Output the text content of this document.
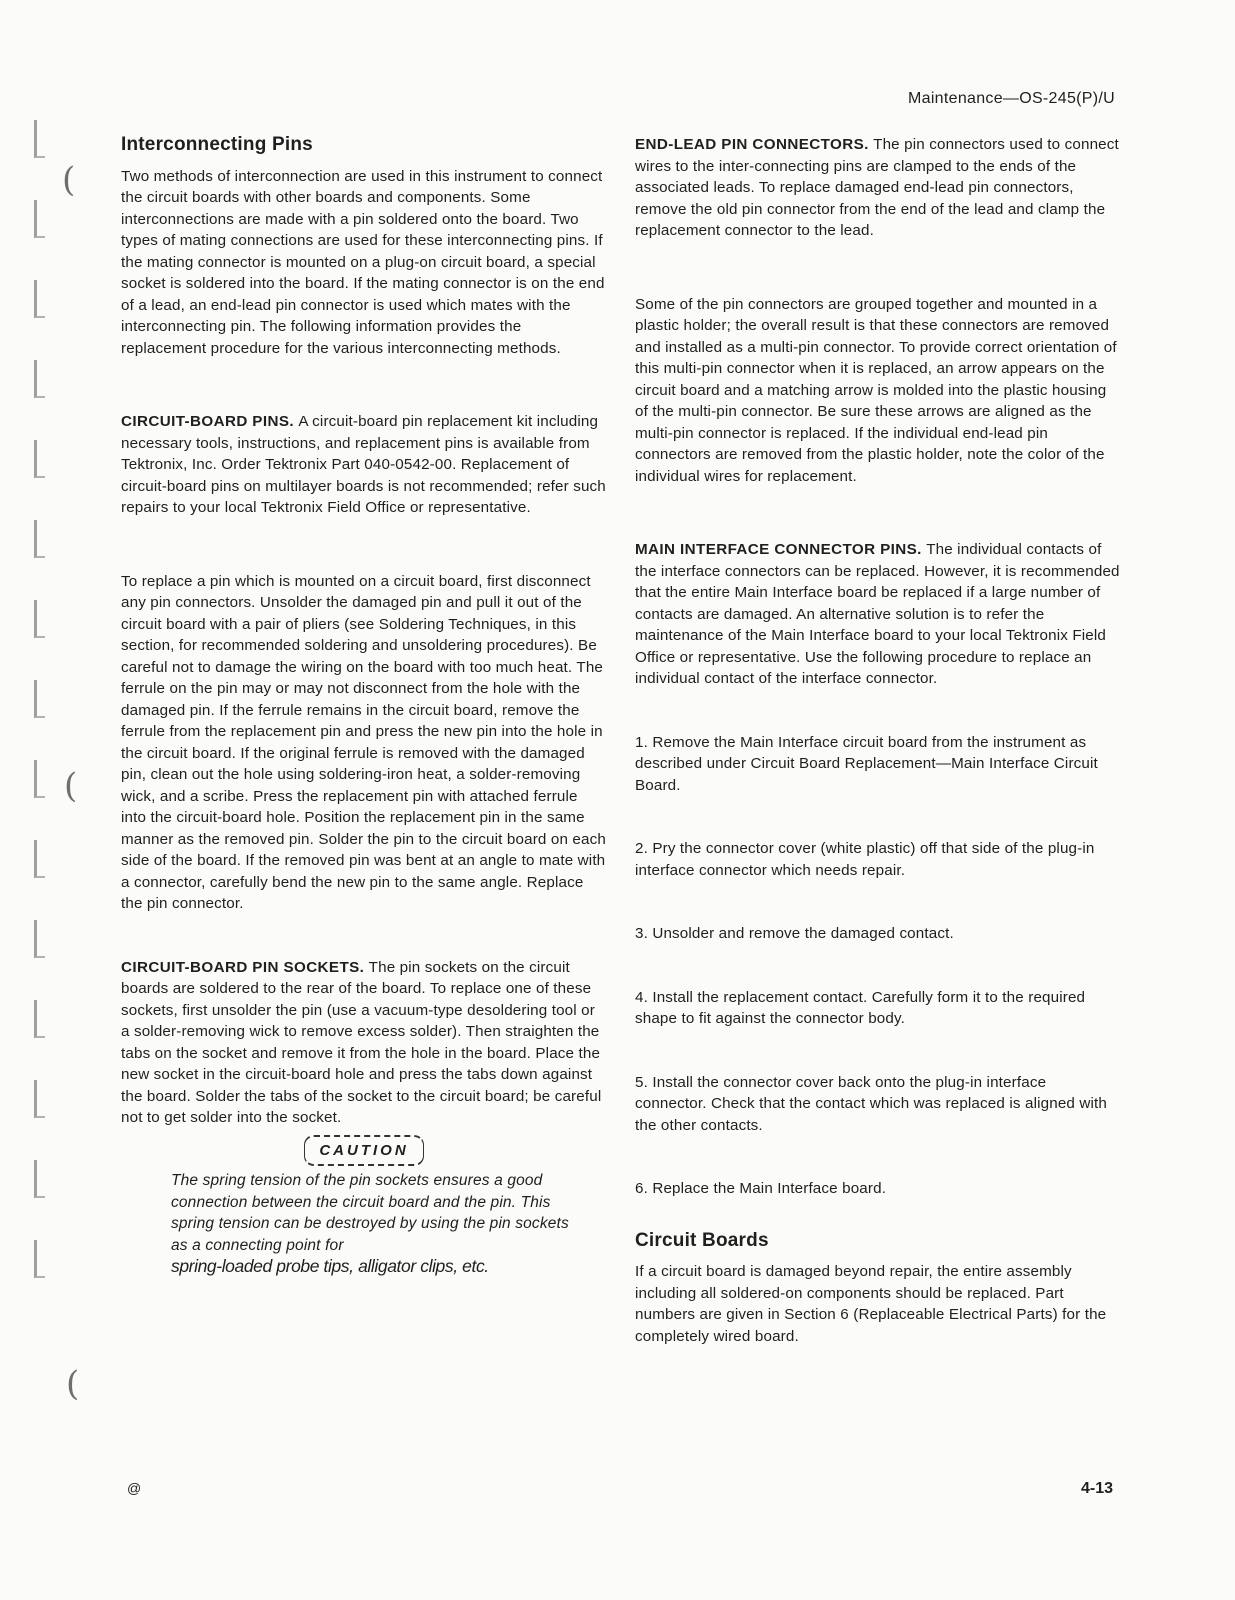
(
(
(
Maintenance—OS-245(P)/U
Interconnecting Pins

Two methods of interconnection are used in this instrument to connect the circuit boards with other boards and components. Some interconnections are made with a pin soldered onto the board. Two types of mating connections are used for these interconnecting pins. If the mating connector is mounted on a plug-on circuit board, a special socket is soldered into the board. If the mating connector is on the end of a lead, an end-lead pin connector is used which mates with the interconnecting pin. The following information provides the replacement procedure for the various interconnecting methods.

CIRCUIT-BOARD PINS. A circuit-board pin replacement kit including necessary tools, instructions, and replacement pins is available from Tektronix, Inc. Order Tektronix Part 040-0542-00. Replacement of circuit-board pins on multilayer boards is not recommended; refer such repairs to your local Tektronix Field Office or representative.

To replace a pin which is mounted on a circuit board, first disconnect any pin connectors. Unsolder the damaged pin and pull it out of the circuit board with a pair of pliers (see Soldering Techniques, in this section, for recommended soldering and unsoldering procedures). Be careful not to damage the wiring on the board with too much heat. The ferrule on the pin may or may not disconnect from the hole with the damaged pin. If the ferrule remains in the circuit board, remove the ferrule from the replacement pin and press the new pin into the hole in the circuit board. If the original ferrule is removed with the damaged pin, clean out the hole using soldering-iron heat, a solder-removing wick, and a scribe. Press the replacement pin with attached ferrule into the circuit-board hole. Position the replacement pin in the same manner as the removed pin. Solder the pin to the circuit board on each side of the board. If the removed pin was bent at an angle to mate with a connector, carefully bend the new pin to the same angle. Replace the pin connector.

CIRCUIT-BOARD PIN SOCKETS. The pin sockets on the circuit boards are soldered to the rear of the board. To replace one of these sockets, first unsolder the pin (use a vacuum-type desoldering tool or a solder-removing wick to remove excess solder). Then straighten the tabs on the socket and remove it from the hole in the board. Place the new socket in the circuit-board hole and press the tabs down against the board. Solder the tabs of the socket to the circuit board; be careful not to get solder into the socket.

CAUTION

The spring tension of the pin sockets ensures a good connection between the circuit board and the pin. This spring tension can be destroyed by using the pin sockets as a connecting point for
spring-loaded probe tips, alligator clips, etc.

END-LEAD PIN CONNECTORS. The pin connectors used to connect wires to the inter-connecting pins are clamped to the ends of the associated leads. To replace damaged end-lead pin connectors, remove the old pin connector from the end of the lead and clamp the replacement connector to the lead.

Some of the pin connectors are grouped together and mounted in a plastic holder; the overall result is that these connectors are removed and installed as a multi-pin connector. To provide correct orientation of this multi-pin connector when it is replaced, an arrow appears on the circuit board and a matching arrow is molded into the plastic housing of the multi-pin connector. Be sure these arrows are aligned as the multi-pin connector is replaced. If the individual end-lead pin connectors are removed from the plastic holder, note the color of the individual wires for replacement.

MAIN INTERFACE CONNECTOR PINS. The individual contacts of the interface connectors can be replaced. However, it is recommended that the entire Main Interface board be replaced if a large number of contacts are damaged. An alternative solution is to refer the maintenance of the Main Interface board to your local Tektronix Field Office or representative. Use the following procedure to replace an individual contact of the interface connector.

1. Remove the Main Interface circuit board from the instrument as described under Circuit Board Replacement—Main Interface Circuit Board.

2. Pry the connector cover (white plastic) off that side of the plug-in interface connector which needs repair.

3. Unsolder and remove the damaged contact.

4. Install the replacement contact. Carefully form it to the required shape to fit against the connector body.

5. Install the connector cover back onto the plug-in interface connector. Check that the contact which was replaced is aligned with the other contacts.

6. Replace the Main Interface board.

Circuit Boards

If a circuit board is damaged beyond repair, the entire assembly including all soldered-on components should be replaced. Part numbers are given in Section 6 (Replaceable Electrical Parts) for the completely wired board.

@	4-13
